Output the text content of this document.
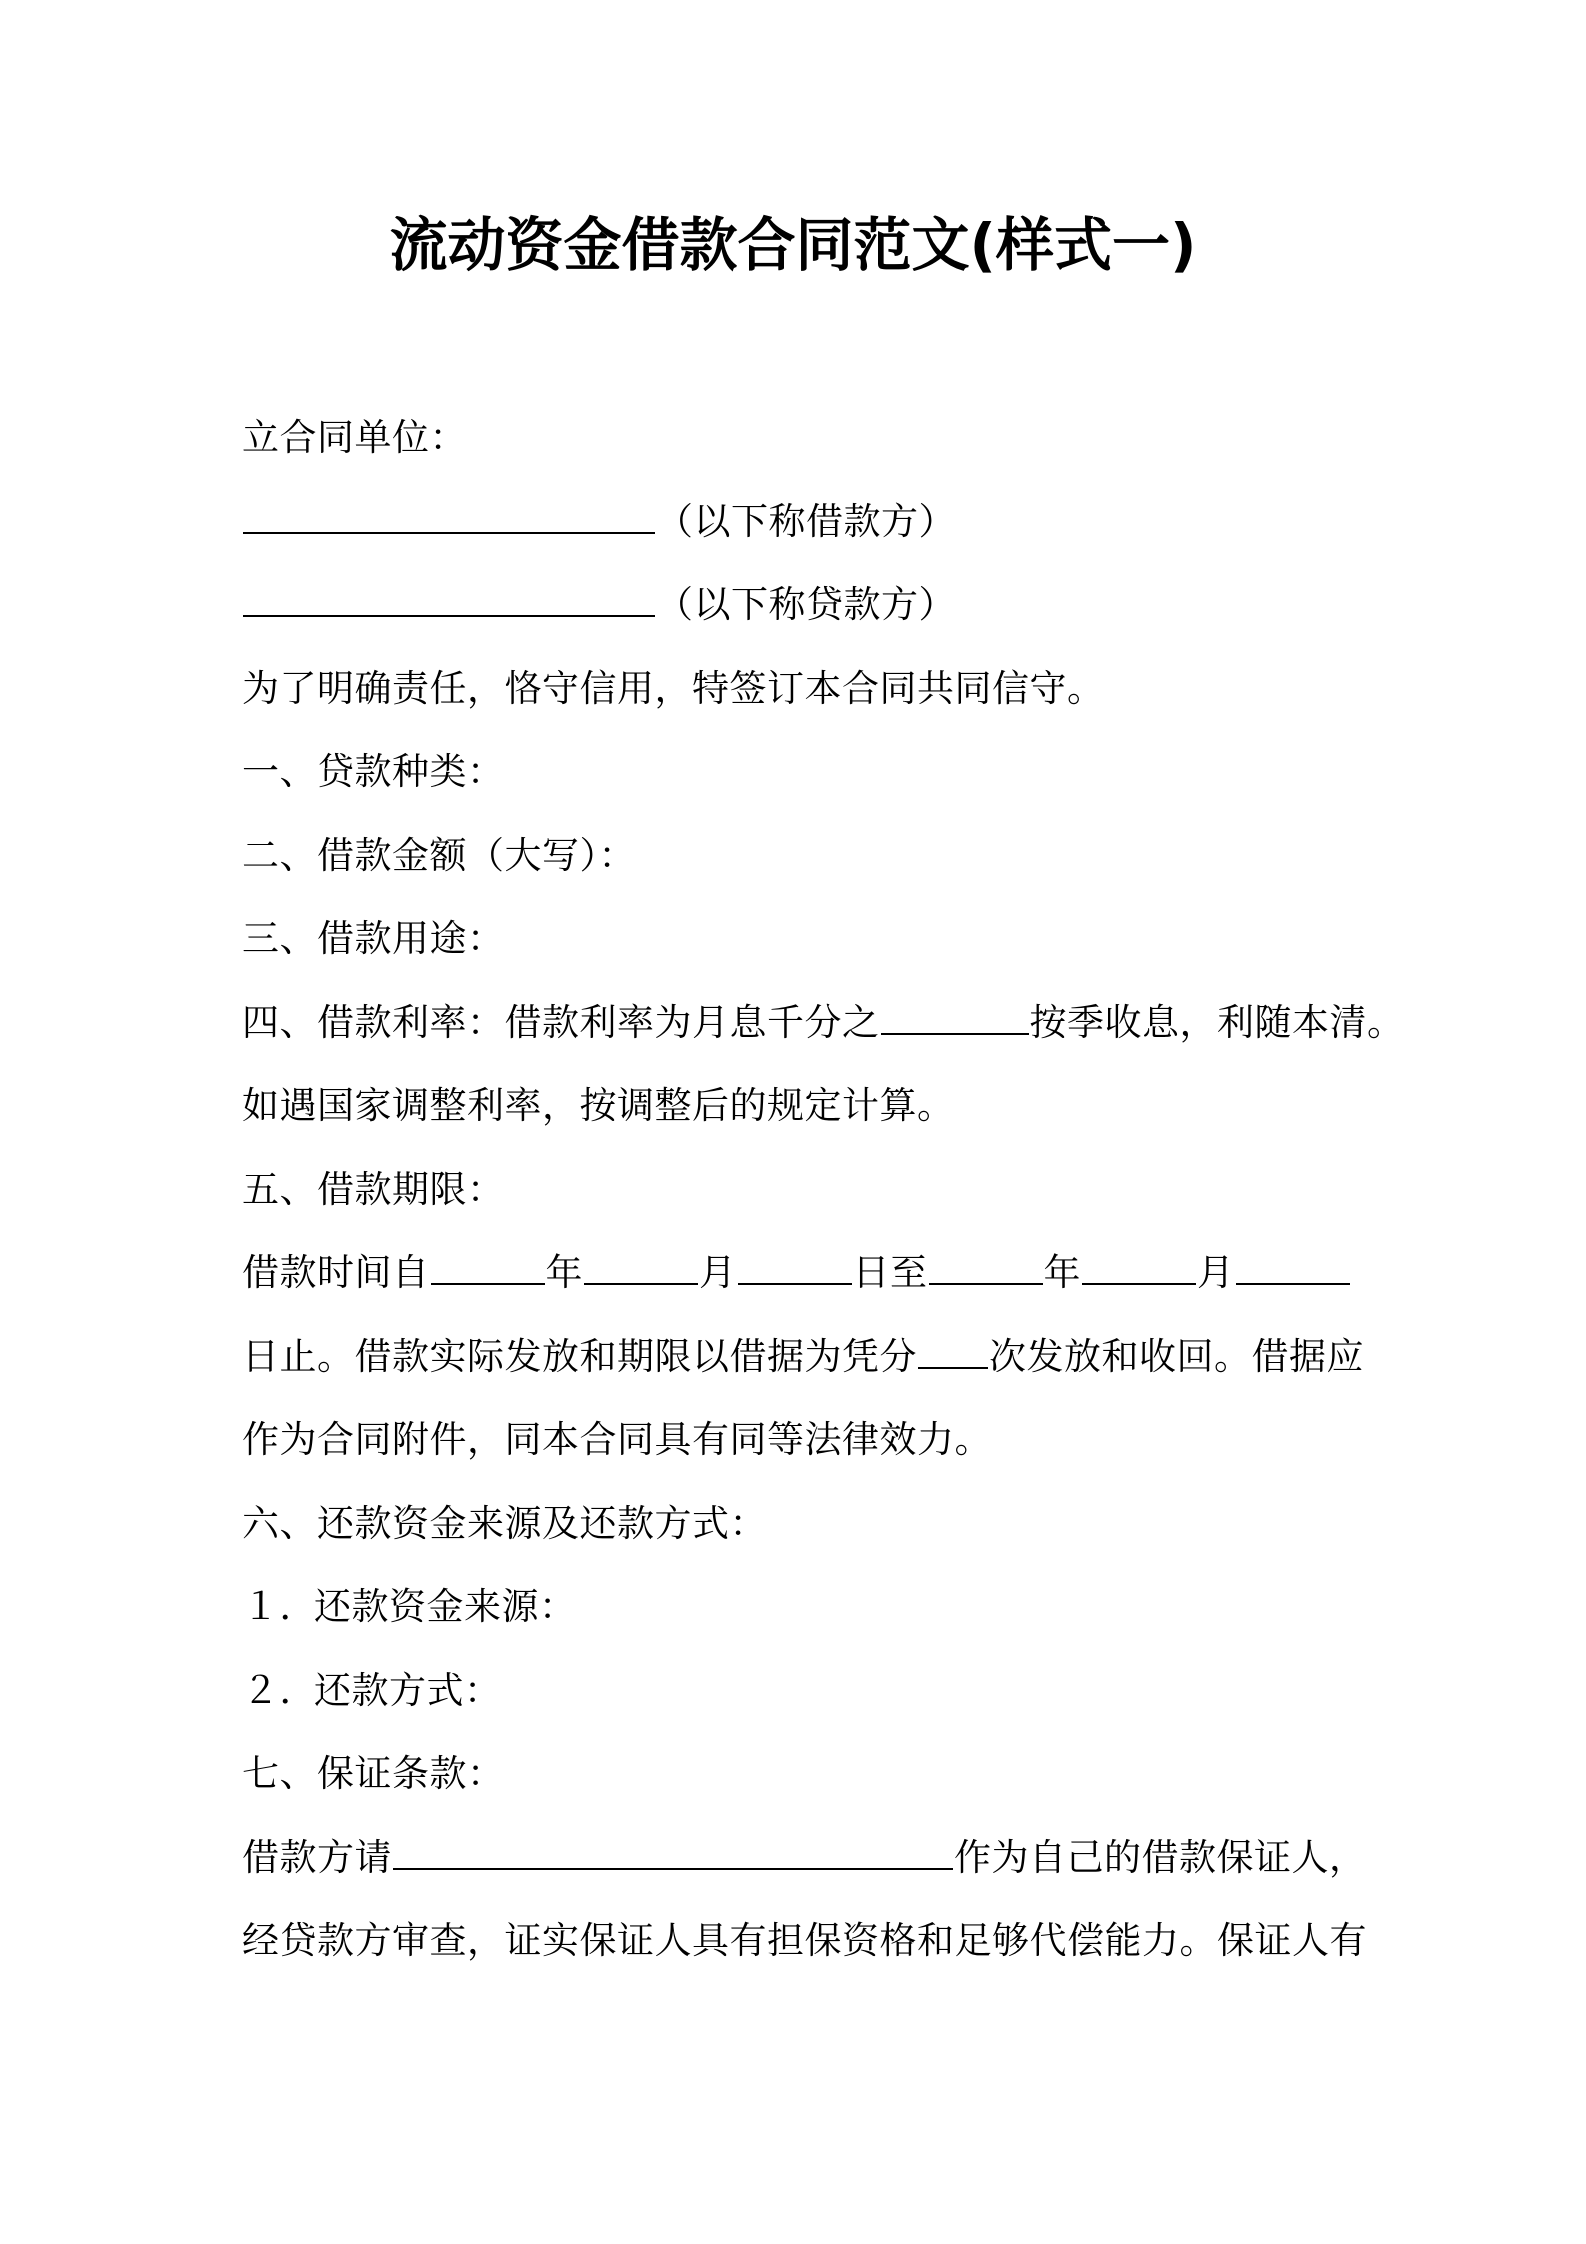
流动资金借款合同范文(样式一)
立合同单位：
（以下称借款方）
（以下称贷款方）
为了明确责任，恪守信用，特签订本合同共同信守。
一、贷款种类：
二、借款金额（大写）：
三、借款用途：
四、借款利率：借款利率为月息千分之	按季收息，利随本清。
如遇国家调整利率，按调整后的规定计算。
五、借款期限：
借款时间自	年	月	日至	年	月
日止。借款实际发放和期限以借据为凭分 次发放和收回。借据应
作为合同附件，同本合同具有同等法律效力。
六、还款资金来源及还款方式：
１．还款资金来源：
２．还款方式：
七、保证条款：
借款方请	作为自己的借款保证人，
经贷款方审查，证实保证人具有担保资格和足够代偿能力。保证人有
